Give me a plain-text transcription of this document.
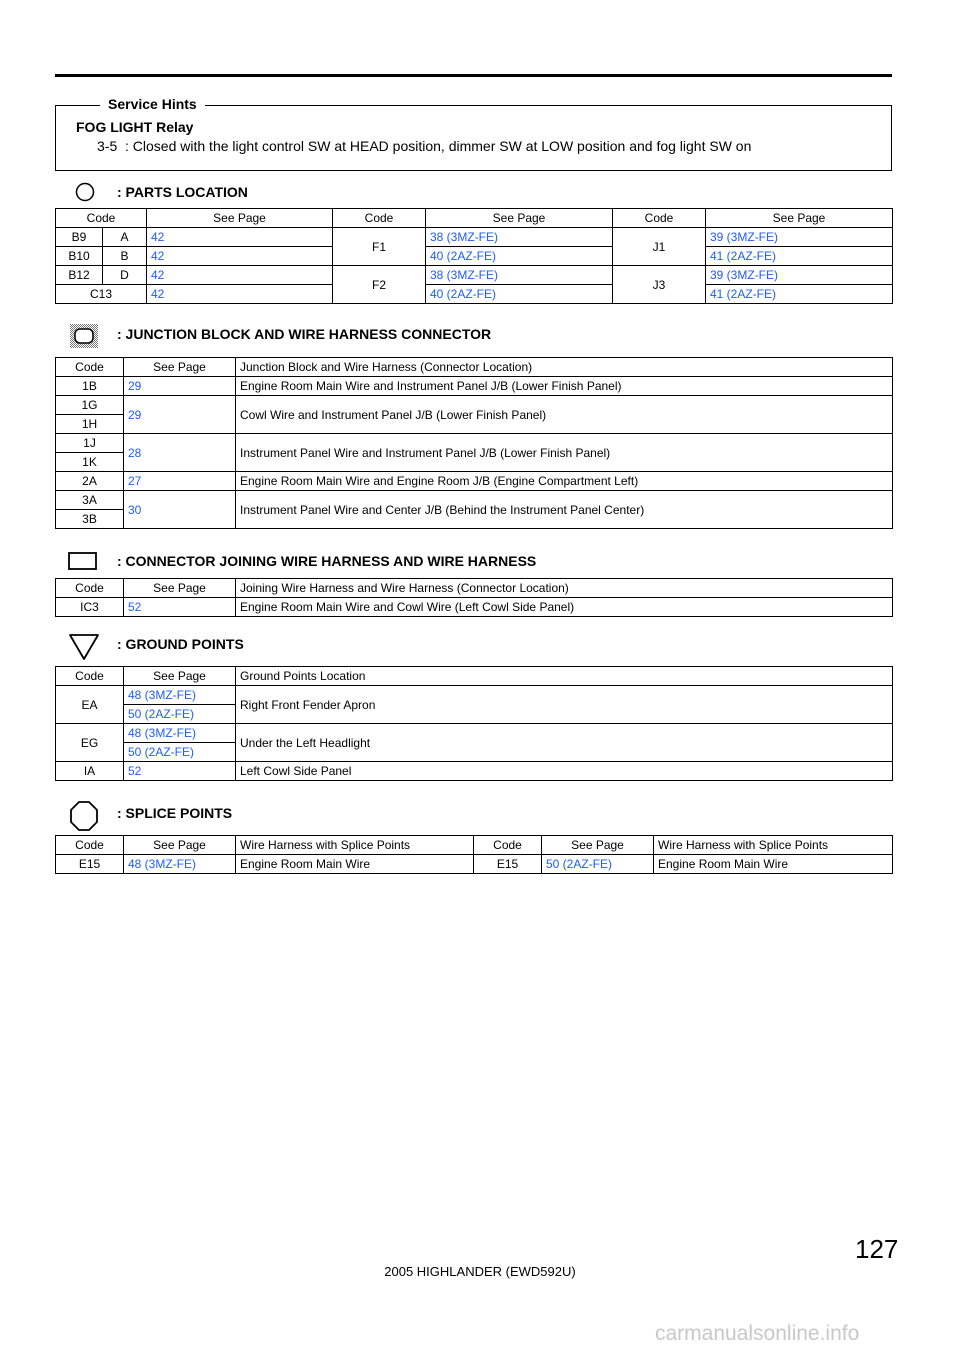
Service Hints
FOG LIGHT Relay
3-5  : Closed with the light control SW at HEAD position, dimmer SW at LOW position and fog light SW on
: PARTS LOCATION
Code		See Page	Code	See Page	Code	See Page
B9	A	42	F1	38 (3MZ-FE)	J1	39 (3MZ-FE)
B10	B	42		40 (2AZ-FE)		41 (2AZ-FE)
B12	D	42	F2	38 (3MZ-FE)	J3	39 (3MZ-FE)
C13		42		40 (2AZ-FE)		41 (2AZ-FE)
: JUNCTION BLOCK AND WIRE HARNESS CONNECTOR
Code	See Page	Junction Block and Wire Harness (Connector Location)
1B	29	Engine Room Main Wire and Instrument Panel J/B (Lower Finish Panel)
1G	29	Cowl Wire and Instrument Panel J/B (Lower Finish Panel)
1H		
1J	28	Instrument Panel Wire and Instrument Panel J/B (Lower Finish Panel)
1K		
2A	27	Engine Room Main Wire and Engine Room J/B (Engine Compartment Left)
3A	30	Instrument Panel Wire and Center J/B (Behind the Instrument Panel Center)
3B		
: CONNECTOR JOINING WIRE HARNESS AND WIRE HARNESS
Code	See Page	Joining Wire Harness and Wire Harness (Connector Location)
IC3	52	Engine Room Main Wire and Cowl Wire (Left Cowl Side Panel)
: GROUND POINTS
Code	See Page	Ground Points Location
EA	48 (3MZ-FE)	Right Front Fender Apron
	50 (2AZ-FE)	
EG	48 (3MZ-FE)	Under the Left Headlight
	50 (2AZ-FE)	
IA	52	Left Cowl Side Panel
: SPLICE POINTS
Code	See Page	Wire Harness with Splice Points	Code	See Page	Wire Harness with Splice Points
E15	48 (3MZ-FE)	Engine Room Main Wire	E15	50 (2AZ-FE)	Engine Room Main Wire
127
2005 HIGHLANDER (EWD592U)
carmanualsonline.info
